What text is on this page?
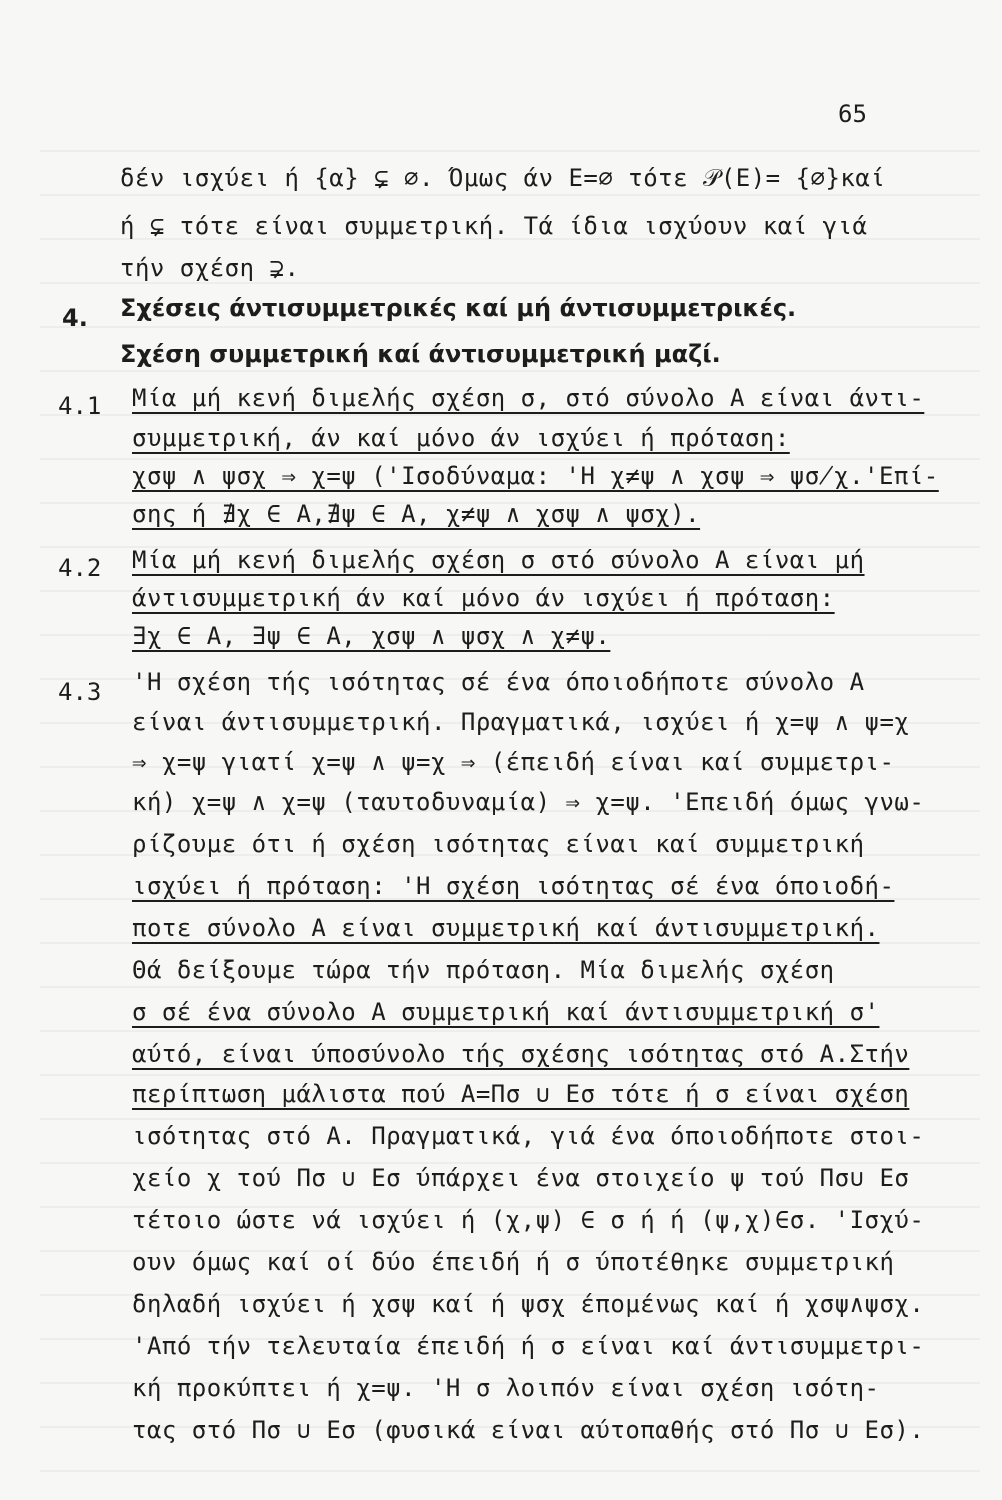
65
δέν ισχύει ή {α} ⊊ ∅. Όμως άν Ε=∅ τότε 𝒫(Ε)= {∅}καί
ή ⊊ τότε είναι συμμετρική. Τά ίδια ισχύουν καί γιά
τήν σχέση ⊋.
4. Σχέσεις άντισυμμετρικές καί μή άντισυμμετρικές.
Σχέση συμμετρική καί άντισυμμετρική μαζί.
4.1 Μία μή κενή διμελής σχέση σ, στό σύνολο Α είναι άντι-
συμμετρική, άν καί μόνο άν ισχύει ή πρόταση:
χσψ ∧ ψσχ ⇒ χ=ψ ('Ισοδύναμα: 'Η χ≠ψ ∧ χσψ ⇒ ψσ̸χ.'Επί-
σης ή ∄χ ∈ Α,∄ψ ∈ Α, χ≠ψ ∧ χσψ ∧ ψσχ).
4.2 Μία μή κενή διμελής σχέση σ στό σύνολο Α είναι μή
άντισυμμετρική άν καί μόνο άν ισχύει ή πρόταση:
∃χ ∈ Α, ∃ψ ∈ Α, χσψ ∧ ψσχ ∧ χ≠ψ.
4.3 'Η σχέση τής ισότητας σέ ένα όποιοδήποτε σύνολο Α
είναι άντισυμμετρική. Πραγματικά, ισχύει ή χ=ψ ∧ ψ=χ
⇒ χ=ψ γιατί χ=ψ ∧ ψ=χ ⇒ (έπειδή είναι καί συμμετρι-
κή) χ=ψ ∧ χ=ψ (ταυτοδυναμία) ⇒ χ=ψ. 'Επειδή όμως γνω-
ρίζουμε ότι ή σχέση ισότητας είναι καί συμμετρική
ισχύει ή πρόταση: 'Η σχέση ισότητας σέ ένα όποιοδή-
ποτε σύνολο Α είναι συμμετρική καί άντισυμμετρική.
Θά δείξουμε τώρα τήν πρόταση. Μία διμελής σχέση
σ σέ ένα σύνολο Α συμμετρική καί άντισυμμετρική σ'
αύτό, είναι ύποσύνολο τής σχέσης ισότητας στό Α.Στήν
περίπτωση μάλιστα πού Α=Πσ ∪ Εσ τότε ή σ είναι σχέση
ισότητας στό Α. Πραγματικά, γιά ένα όποιοδήποτε στοι-
χείο χ τού Πσ ∪ Εσ ύπάρχει ένα στοιχείο ψ τού Πσ∪ Εσ
τέτοιο ώστε νά ισχύει ή (χ,ψ) ∈ σ ή ή (ψ,χ)∈σ. 'Ισχύ-
ουν όμως καί οί δύο έπειδή ή σ ύποτέθηκε συμμετρική
δηλαδή ισχύει ή χσψ καί ή ψσχ έπομένως καί ή χσψ∧ψσχ.
'Από τήν τελευταία έπειδή ή σ είναι καί άντισυμμετρι-
κή προκύπτει ή χ=ψ. 'Η σ λοιπόν είναι σχέση ισότη-
τας στό Πσ ∪ Εσ (φυσικά είναι αύτοπαθής στό Πσ ∪ Εσ).
